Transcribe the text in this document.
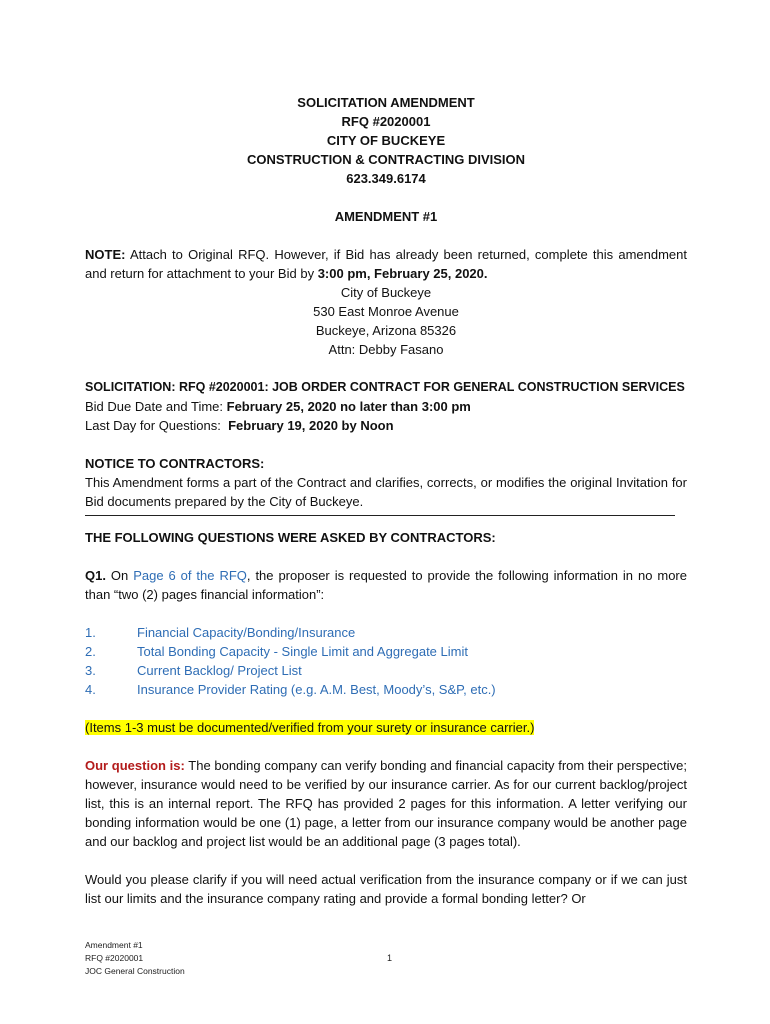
SOLICITATION AMENDMENT
RFQ #2020001
CITY OF BUCKEYE
CONSTRUCTION & CONTRACTING DIVISION
623.349.6174
AMENDMENT #1
NOTE: Attach to Original RFQ. However, if Bid has already been returned, complete this amendment and return for attachment to your Bid by 3:00 pm, February 25, 2020.
City of Buckeye
530 East Monroe Avenue
Buckeye, Arizona 85326
Attn: Debby Fasano
SOLICITATION: RFQ #2020001: JOB ORDER CONTRACT FOR GENERAL CONSTRUCTION SERVICES
Bid Due Date and Time: February 25, 2020 no later than 3:00 pm
Last Day for Questions:  February 19, 2020 by Noon
NOTICE TO CONTRACTORS:
This Amendment forms a part of the Contract and clarifies, corrects, or modifies the original Invitation for Bid documents prepared by the City of Buckeye.
THE FOLLOWING QUESTIONS WERE ASKED BY CONTRACTORS:
Q1. On Page 6 of the RFQ, the proposer is requested to provide the following information in no more than “two (2) pages financial information”:
1.	Financial Capacity/Bonding/Insurance
2.	Total Bonding Capacity - Single Limit and Aggregate Limit
3.	Current Backlog/ Project List
4.	Insurance Provider Rating (e.g. A.M. Best, Moody’s, S&P, etc.)
(Items 1-3 must be documented/verified from your surety or insurance carrier.)
Our question is: The bonding company can verify bonding and financial capacity from their perspective; however, insurance would need to be verified by our insurance carrier. As for our current backlog/project list, this is an internal report. The RFQ has provided 2 pages for this information. A letter verifying our bonding information would be one (1) page, a letter from our insurance company would be another page and our backlog and project list would be an additional page (3 pages total).
Would you please clarify if you will need actual verification from the insurance company or if we can just list our limits and the insurance company rating and provide a formal bonding letter? Or
Amendment #1
RFQ #2020001
JOC General Construction
1
